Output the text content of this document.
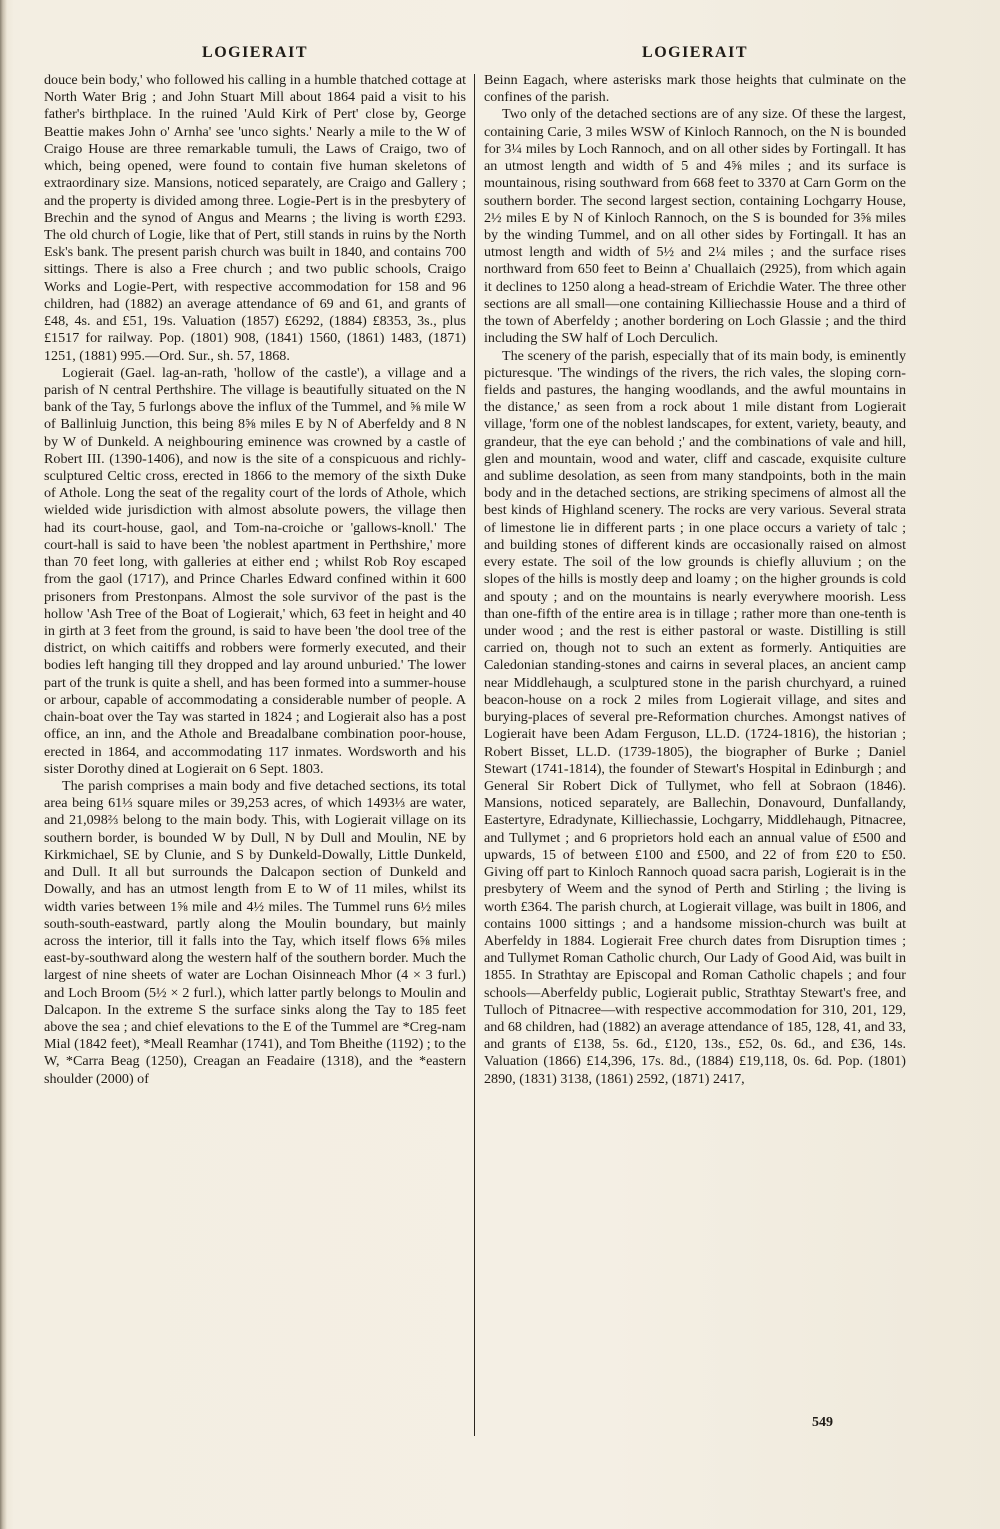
LOGIERAIT	LOGIERAIT

douce bein body,' who followed his calling in a humble thatched cottage at North Water Brig ; and John Stuart Mill about 1864 paid a visit to his father's birthplace. In the ruined 'Auld Kirk of Pert' close by, George Beattie makes John o' Arnha' see 'unco sights.' Nearly a mile to the W of Craigo House are three remarkable tumuli, the Laws of Craigo, two of which, being opened, were found to contain five human skeletons of extraordinary size. Mansions, noticed separately, are Craigo and Gallery ; and the property is divided among three. Logie-Pert is in the presbytery of Brechin and the synod of Angus and Mearns ; the living is worth £293. The old church of Logie, like that of Pert, still stands in ruins by the North Esk's bank. The present parish church was built in 1840, and contains 700 sittings. There is also a Free church ; and two public schools, Craigo Works and Logie-Pert, with respective accommodation for 158 and 96 children, had (1882) an average attendance of 69 and 61, and grants of £48, 4s. and £51, 19s. Valuation (1857) £6292, (1884) £8353, 3s., plus £1517 for railway. Pop. (1801) 908, (1841) 1560, (1861) 1483, (1871) 1251, (1881) 995.—Ord. Sur., sh. 57, 1868.

Logierait (Gael. lag-an-rath, 'hollow of the castle'), a village and a parish of N central Perthshire. The village is beautifully situated on the N bank of the Tay, 5 furlongs above the influx of the Tummel, and ⅝ mile W of Ballinluig Junction, this being 8⅝ miles E by N of Aberfeldy and 8 N by W of Dunkeld. A neighbouring eminence was crowned by a castle of Robert III. (1390-1406), and now is the site of a conspicuous and richly-sculptured Celtic cross, erected in 1866 to the memory of the sixth Duke of Athole. Long the seat of the regality court of the lords of Athole, which wielded wide jurisdiction with almost absolute powers, the village then had its court-house, gaol, and Tom-na-croiche or 'gallows-knoll.' The court-hall is said to have been 'the noblest apartment in Perthshire,' more than 70 feet long, with galleries at either end ; whilst Rob Roy escaped from the gaol (1717), and Prince Charles Edward confined within it 600 prisoners from Prestonpans. Almost the sole survivor of the past is the hollow 'Ash Tree of the Boat of Logierait,' which, 63 feet in height and 40 in girth at 3 feet from the ground, is said to have been 'the dool tree of the district, on which caitiffs and robbers were formerly executed, and their bodies left hanging till they dropped and lay around unburied.' The lower part of the trunk is quite a shell, and has been formed into a summer-house or arbour, capable of accommodating a considerable number of people. A chain-boat over the Tay was started in 1824 ; and Logierait also has a post office, an inn, and the Athole and Breadalbane combination poor-house, erected in 1864, and accommodating 117 inmates. Wordsworth and his sister Dorothy dined at Logierait on 6 Sept. 1803.

The parish comprises a main body and five detached sections, its total area being 61⅓ square miles or 39,253 acres, of which 1493⅓ are water, and 21,098⅔ belong to the main body. This, with Logierait village on its southern border, is bounded W by Dull, N by Dull and Moulin, NE by Kirkmichael, SE by Clunie, and S by Dunkeld-Dowally, Little Dunkeld, and Dull. It all but surrounds the Dalcapon section of Dunkeld and Dowally, and has an utmost length from E to W of 11 miles, whilst its width varies between 1⅝ mile and 4½ miles. The Tummel runs 6½ miles south-south-eastward, partly along the Moulin boundary, but mainly across the interior, till it falls into the Tay, which itself flows 6⅝ miles east-by-southward along the western half of the southern border. Much the largest of nine sheets of water are Lochan Oisinneach Mhor (4 × 3 furl.) and Loch Broom (5½ × 2 furl.), which latter partly belongs to Moulin and Dalcapon. In the extreme S the surface sinks along the Tay to 185 feet above the sea ; and chief elevations to the E of the Tummel are *Creg-nam Mial (1842 feet), *Meall Reamhar (1741), and Tom Bheithe (1192) ; to the W, *Carra Beag (1250), Creagan an Feadaire (1318), and the *eastern shoulder (2000) of

Beinn Eagach, where asterisks mark those heights that culminate on the confines of the parish.

Two only of the detached sections are of any size. Of these the largest, containing Carie, 3 miles WSW of Kinloch Rannoch, on the N is bounded for 3¼ miles by Loch Rannoch, and on all other sides by Fortingall. It has an utmost length and width of 5 and 4⅝ miles ; and its surface is mountainous, rising southward from 668 feet to 3370 at Carn Gorm on the southern border. The second largest section, containing Lochgarry House, 2½ miles E by N of Kinloch Rannoch, on the S is bounded for 3⅝ miles by the winding Tummel, and on all other sides by Fortingall. It has an utmost length and width of 5½ and 2¼ miles ; and the surface rises northward from 650 feet to Beinn a' Chuallaich (2925), from which again it declines to 1250 along a head-stream of Erichdie Water. The three other sections are all small—one containing Killiechassie House and a third of the town of Aberfeldy ; another bordering on Loch Glassie ; and the third including the SW half of Loch Derculich.

The scenery of the parish, especially that of its main body, is eminently picturesque. 'The windings of the rivers, the rich vales, the sloping corn-fields and pastures, the hanging woodlands, and the awful mountains in the distance,' as seen from a rock about 1 mile distant from Logierait village, 'form one of the noblest landscapes, for extent, variety, beauty, and grandeur, that the eye can behold ;' and the combinations of vale and hill, glen and mountain, wood and water, cliff and cascade, exquisite culture and sublime desolation, as seen from many standpoints, both in the main body and in the detached sections, are striking specimens of almost all the best kinds of Highland scenery. The rocks are very various. Several strata of limestone lie in different parts ; in one place occurs a variety of talc ; and building stones of different kinds are occasionally raised on almost every estate. The soil of the low grounds is chiefly alluvium ; on the slopes of the hills is mostly deep and loamy ; on the higher grounds is cold and spouty ; and on the mountains is nearly everywhere moorish. Less than one-fifth of the entire area is in tillage ; rather more than one-tenth is under wood ; and the rest is either pastoral or waste. Distilling is still carried on, though not to such an extent as formerly. Antiquities are Caledonian standing-stones and cairns in several places, an ancient camp near Middlehaugh, a sculptured stone in the parish churchyard, a ruined beacon-house on a rock 2 miles from Logierait village, and sites and burying-places of several pre-Reformation churches. Amongst natives of Logierait have been Adam Ferguson, LL.D. (1724-1816), the historian ; Robert Bisset, LL.D. (1739-1805), the biographer of Burke ; Daniel Stewart (1741-1814), the founder of Stewart's Hospital in Edinburgh ; and General Sir Robert Dick of Tullymet, who fell at Sobraon (1846). Mansions, noticed separately, are Ballechin, Donavourd, Dunfallandy, Eastertyre, Edradynate, Killiechassie, Lochgarry, Middlehaugh, Pitnacree, and Tullymet ; and 6 proprietors hold each an annual value of £500 and upwards, 15 of between £100 and £500, and 22 of from £20 to £50. Giving off part to Kinloch Rannoch quoad sacra parish, Logierait is in the presbytery of Weem and the synod of Perth and Stirling ; the living is worth £364. The parish church, at Logierait village, was built in 1806, and contains 1000 sittings ; and a handsome mission-church was built at Aberfeldy in 1884. Logierait Free church dates from Disruption times ; and Tullymet Roman Catholic church, Our Lady of Good Aid, was built in 1855. In Strathtay are Episcopal and Roman Catholic chapels ; and four schools—Aberfeldy public, Logierait public, Strathtay Stewart's free, and Tulloch of Pitnacree—with respective accommodation for 310, 201, 129, and 68 children, had (1882) an average attendance of 185, 128, 41, and 33, and grants of £138, 5s. 6d., £120, 13s., £52, 0s. 6d., and £36, 14s. Valuation (1866) £14,396, 17s. 8d., (1884) £19,118, 0s. 6d. Pop. (1801) 2890, (1831) 3138, (1861) 2592, (1871) 2417,

549
